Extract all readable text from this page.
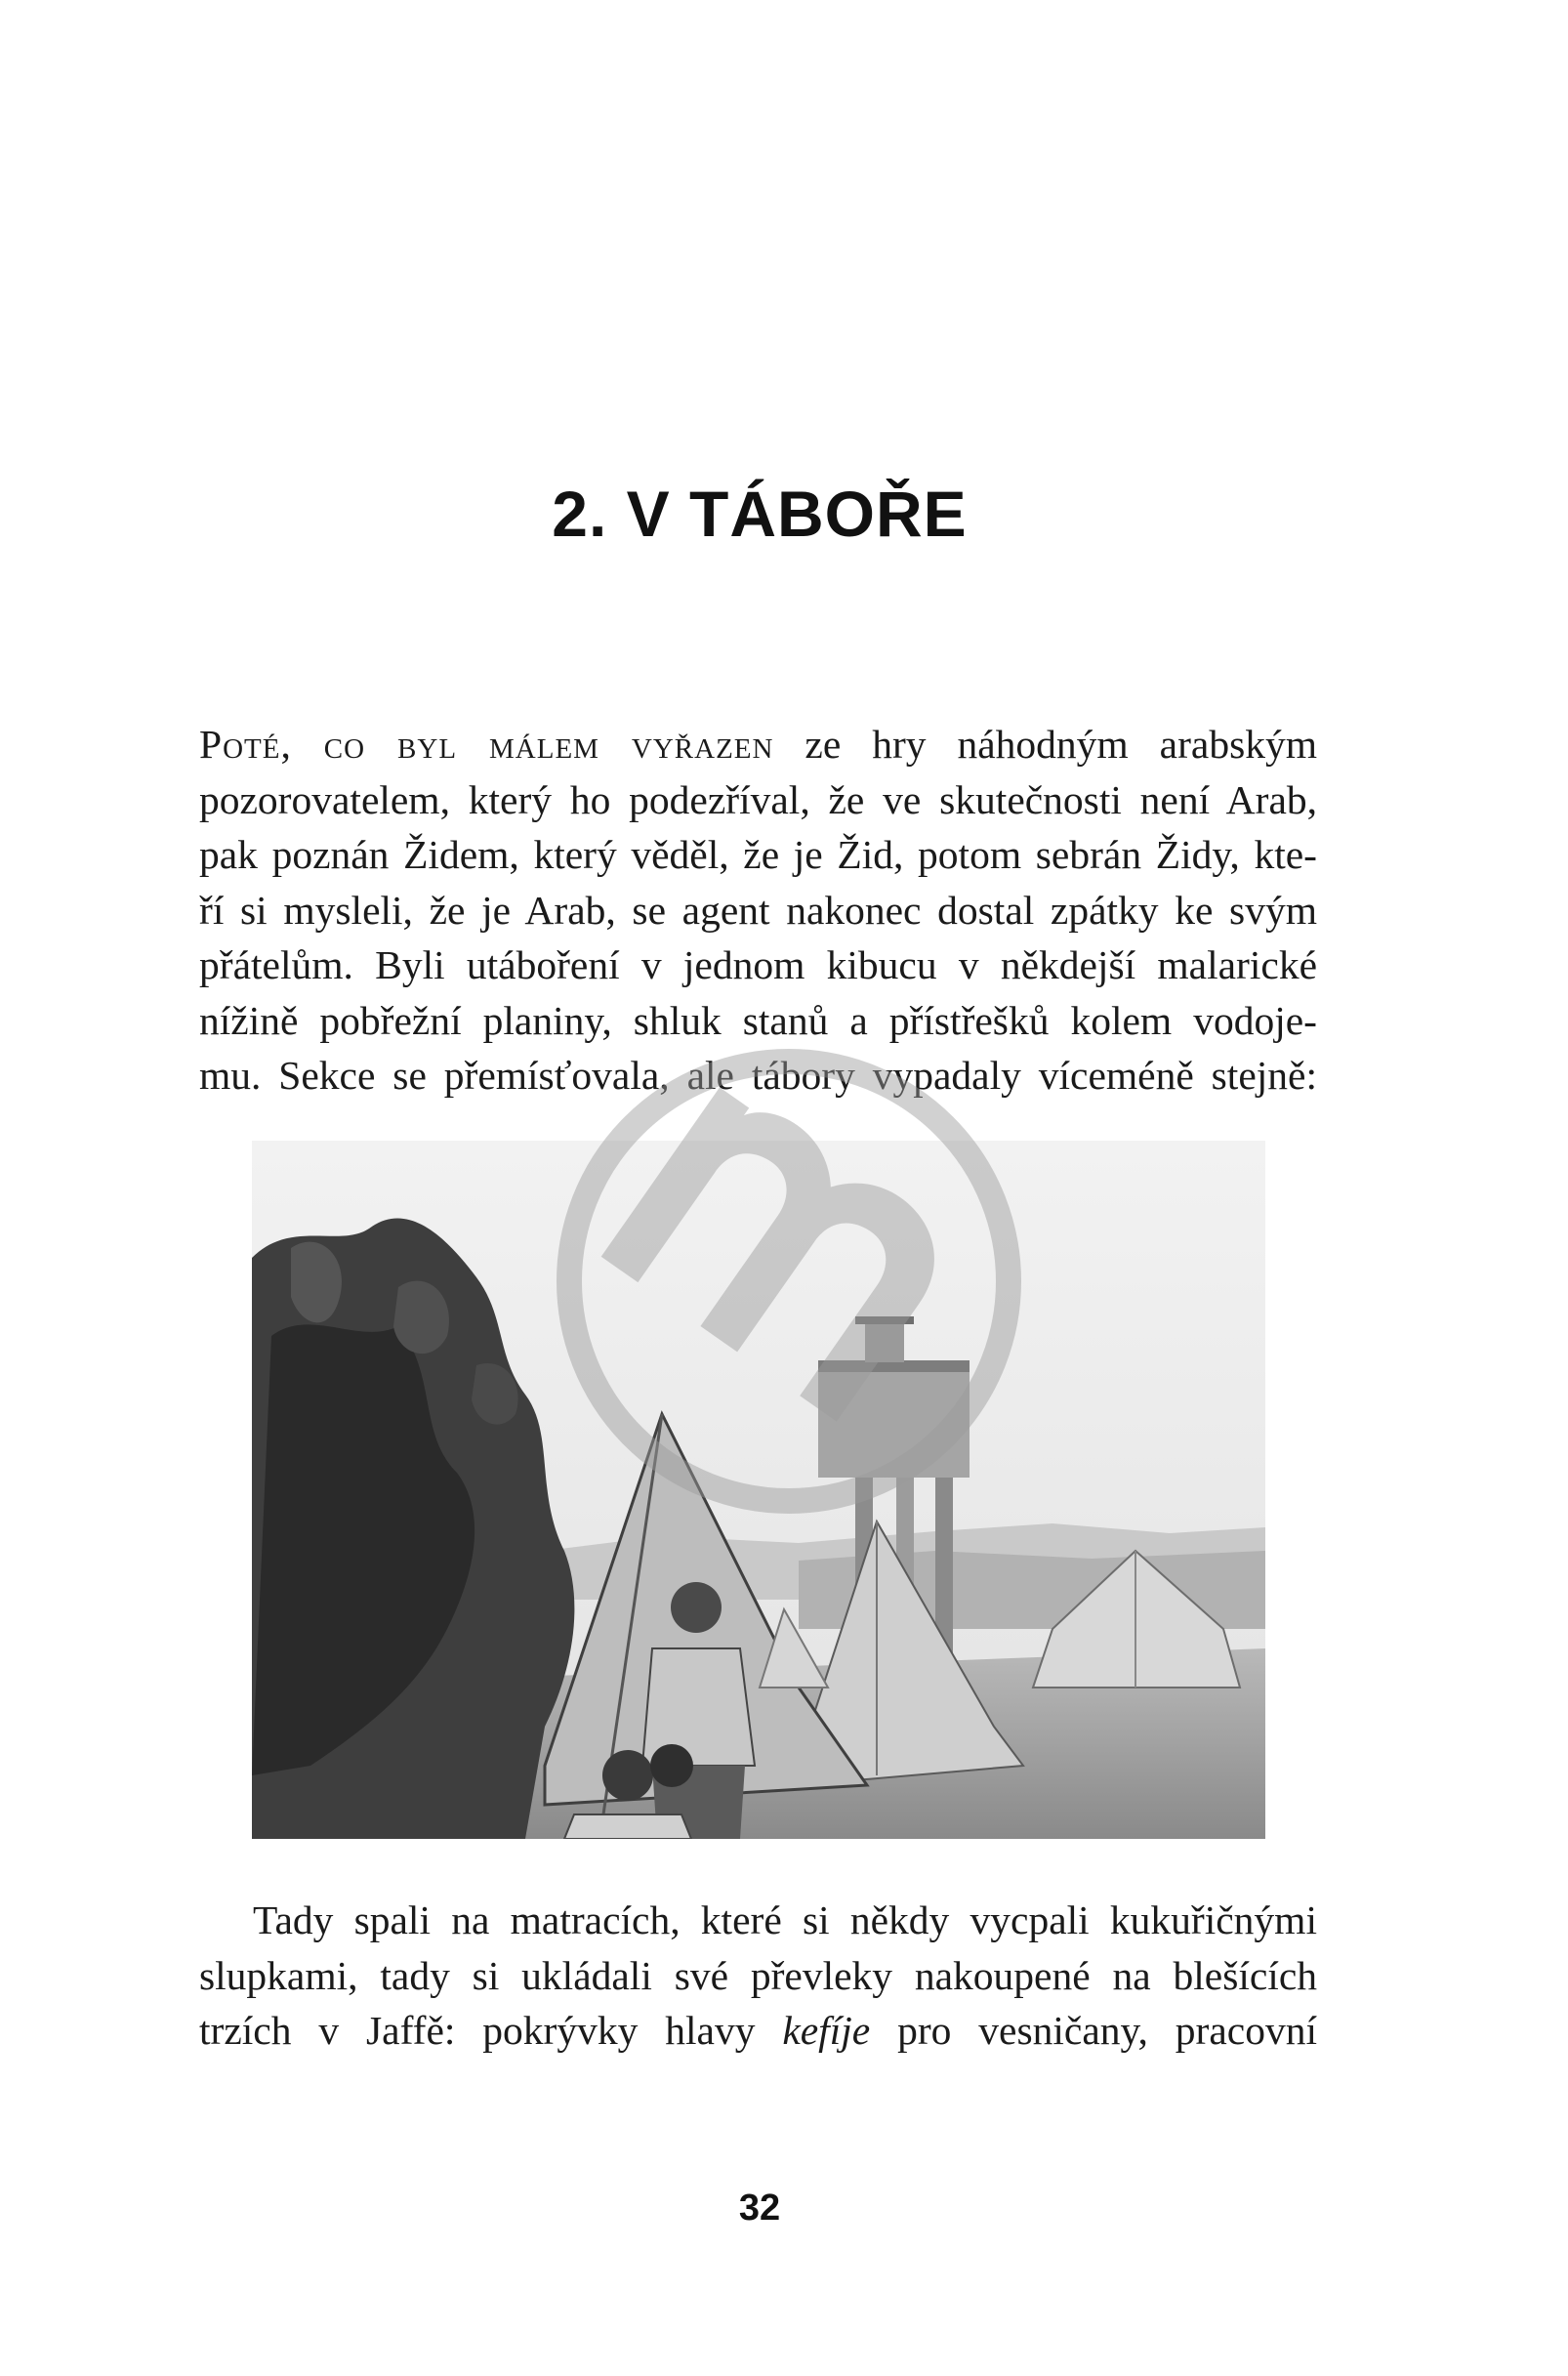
2. V TÁBOŘE
Poté, co byl málem vyřazen ze hry náhodným arabským
pozorovatelem, který ho podezříval, že ve skutečnosti není Arab,
pak poznán Židem, který věděl, že je Žid, potom sebrán Židy, kte-
ří si mysleli, že je Arab, se agent nakonec dostal zpátky ke svým
přátelům. Byli utáboření v jednom kibucu v někdejší malarické
nížině pobřežní planiny, shluk stanů a přístřešků kolem vodoje-
mu. Sekce se přemísťovala, ale tábory vypadaly víceméně stejně:
Tady spali na matracích, které si někdy vycpali kukuřičnými
slupkami, tady si ukládali své převleky nakoupené na blešících
trzích v Jaffě: pokrývky hlavy kefíje pro vesničany, pracovní
32
